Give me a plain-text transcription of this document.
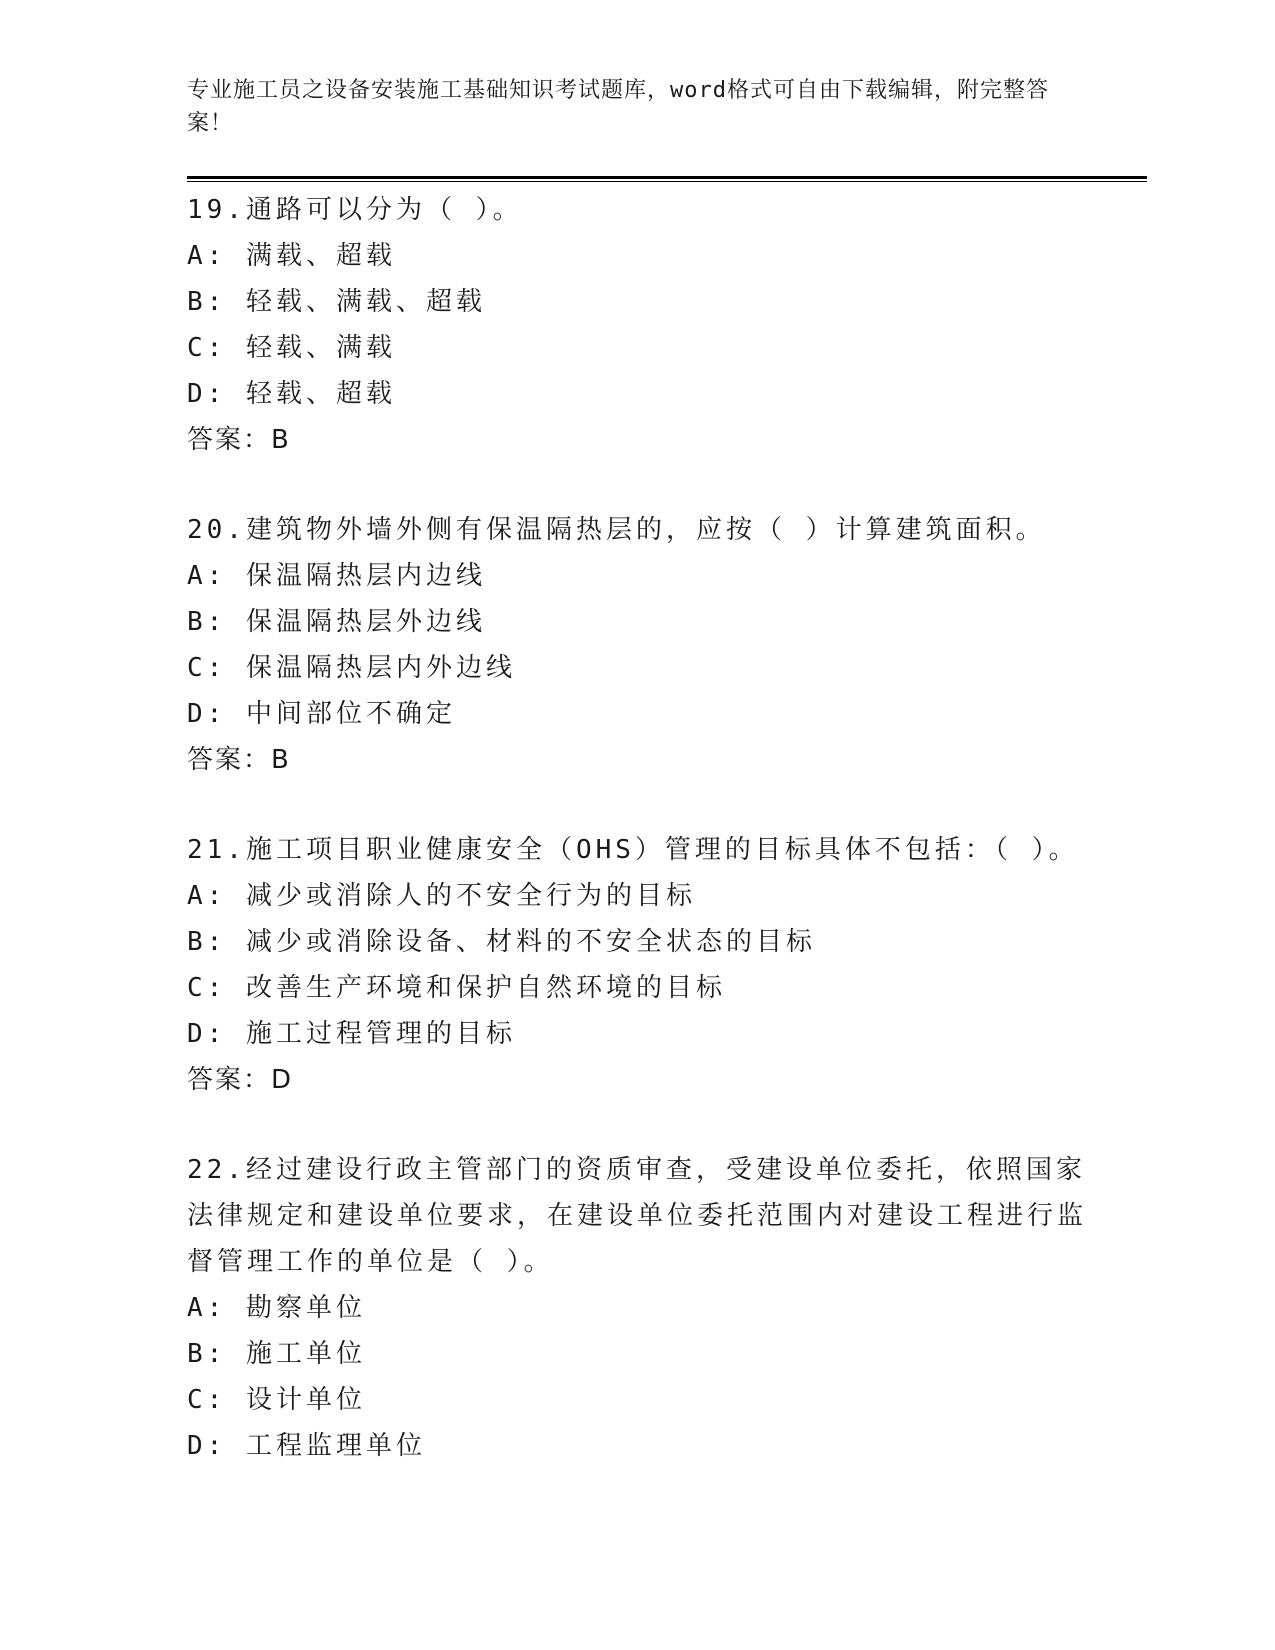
专业施工员之设备安装施工基础知识考试题库，word格式可自由下载编辑，附完整答案！
19.通路可以分为（ ）。
A: 满载、超载
B: 轻载、满载、超载
C: 轻载、满载
D: 轻载、超载
答案：B
20.建筑物外墙外侧有保温隔热层的，应按（ ）计算建筑面积。
A: 保温隔热层内边线
B: 保温隔热层外边线
C: 保温隔热层内外边线
D: 中间部位不确定
答案：B
21.施工项目职业健康安全（OHS）管理的目标具体不包括：（ ）。
A: 减少或消除人的不安全行为的目标
B: 减少或消除设备、材料的不安全状态的目标
C: 改善生产环境和保护自然环境的目标
D: 施工过程管理的目标
答案：D
22.经过建设行政主管部门的资质审查，受建设单位委托，依照国家法律规定和建设单位要求，在建设单位委托范围内对建设工程进行监督管理工作的单位是（ ）。
A: 勘察单位
B: 施工单位
C: 设计单位
D: 工程监理单位
